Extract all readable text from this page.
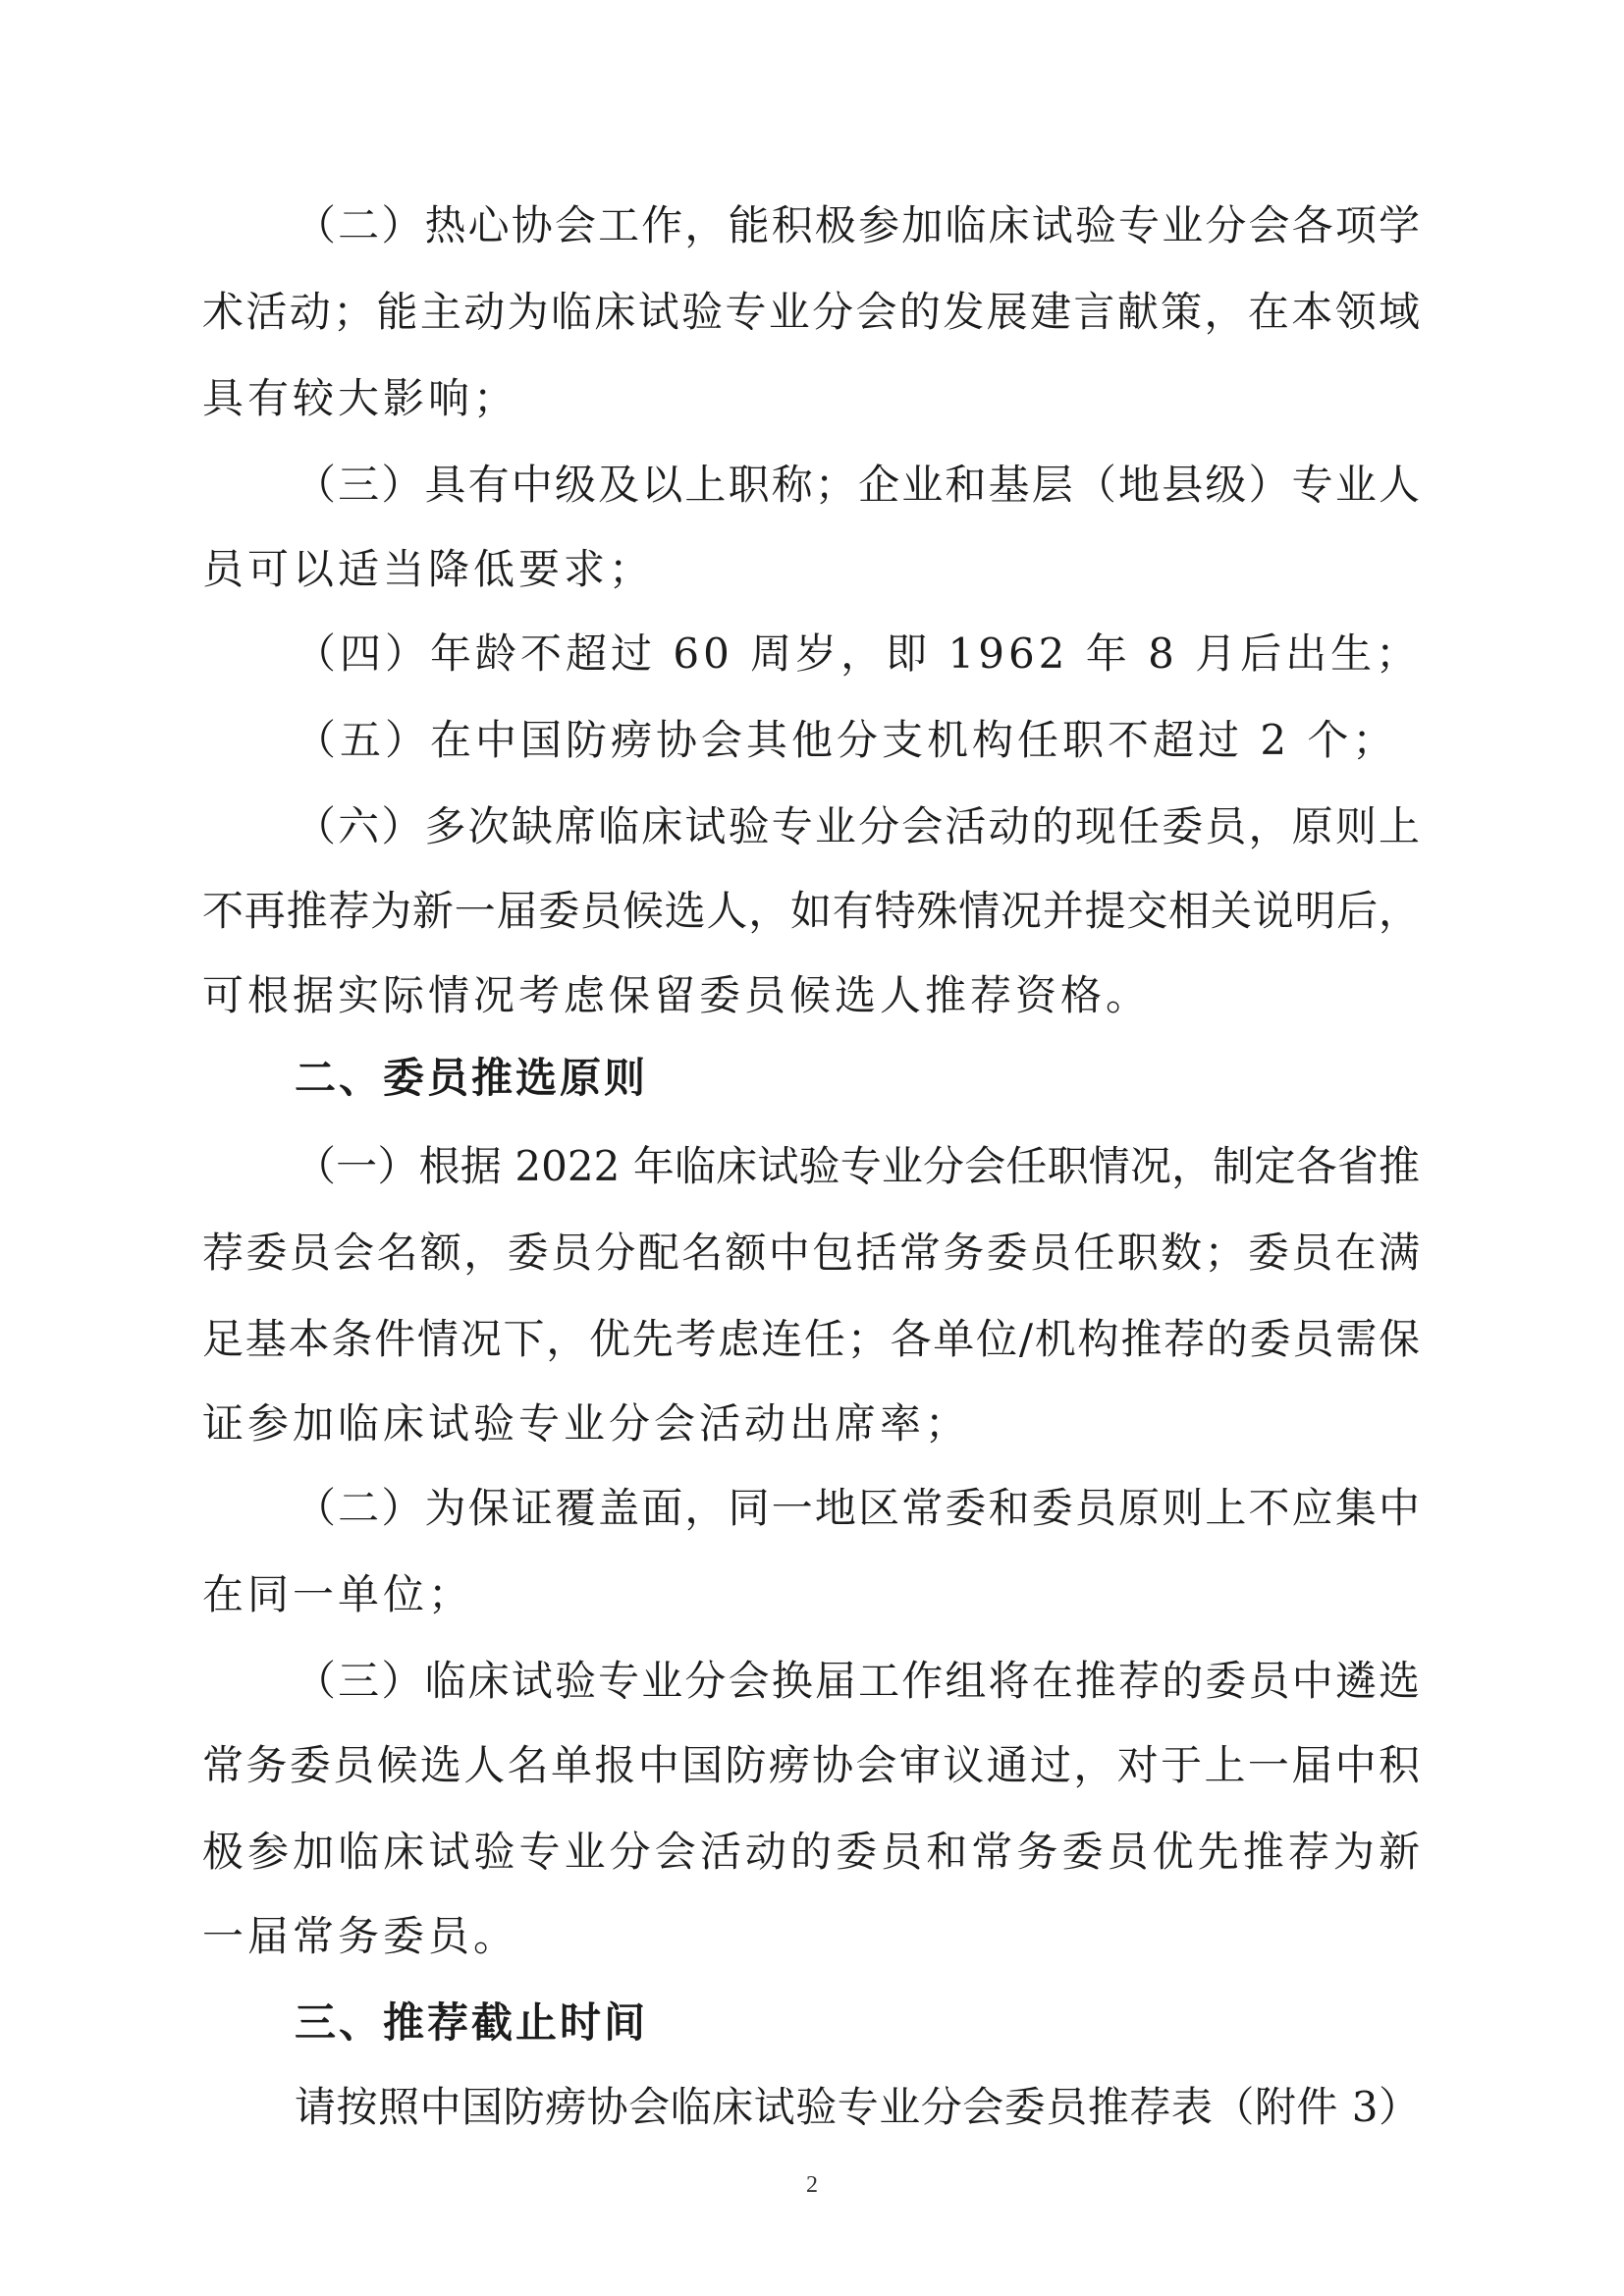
（二）热心协会工作，能积极参加临床试验专业分会各项学
术活动；能主动为临床试验专业分会的发展建言献策，在本领域
具有较大影响；
（三）具有中级及以上职称；企业和基层（地县级）专业人
员可以适当降低要求；
（四）年龄不超过 60 周岁，即 1962 年 8 月后出生；
（五）在中国防痨协会其他分支机构任职不超过 2 个；
（六）多次缺席临床试验专业分会活动的现任委员，原则上
不再推荐为新一届委员候选人，如有特殊情况并提交相关说明后，
可根据实际情况考虑保留委员候选人推荐资格。
二、委员推选原则
（一）根据 2022 年临床试验专业分会任职情况，制定各省推
荐委员会名额，委员分配名额中包括常务委员任职数；委员在满
足基本条件情况下，优先考虑连任；各单位/机构推荐的委员需保
证参加临床试验专业分会活动出席率；
（二）为保证覆盖面，同一地区常委和委员原则上不应集中
在同一单位；
（三）临床试验专业分会换届工作组将在推荐的委员中遴选
常务委员候选人名单报中国防痨协会审议通过，对于上一届中积
极参加临床试验专业分会活动的委员和常务委员优先推荐为新
一届常务委员。
三、推荐截止时间
请按照中国防痨协会临床试验专业分会委员推荐表（附件 3）
2
